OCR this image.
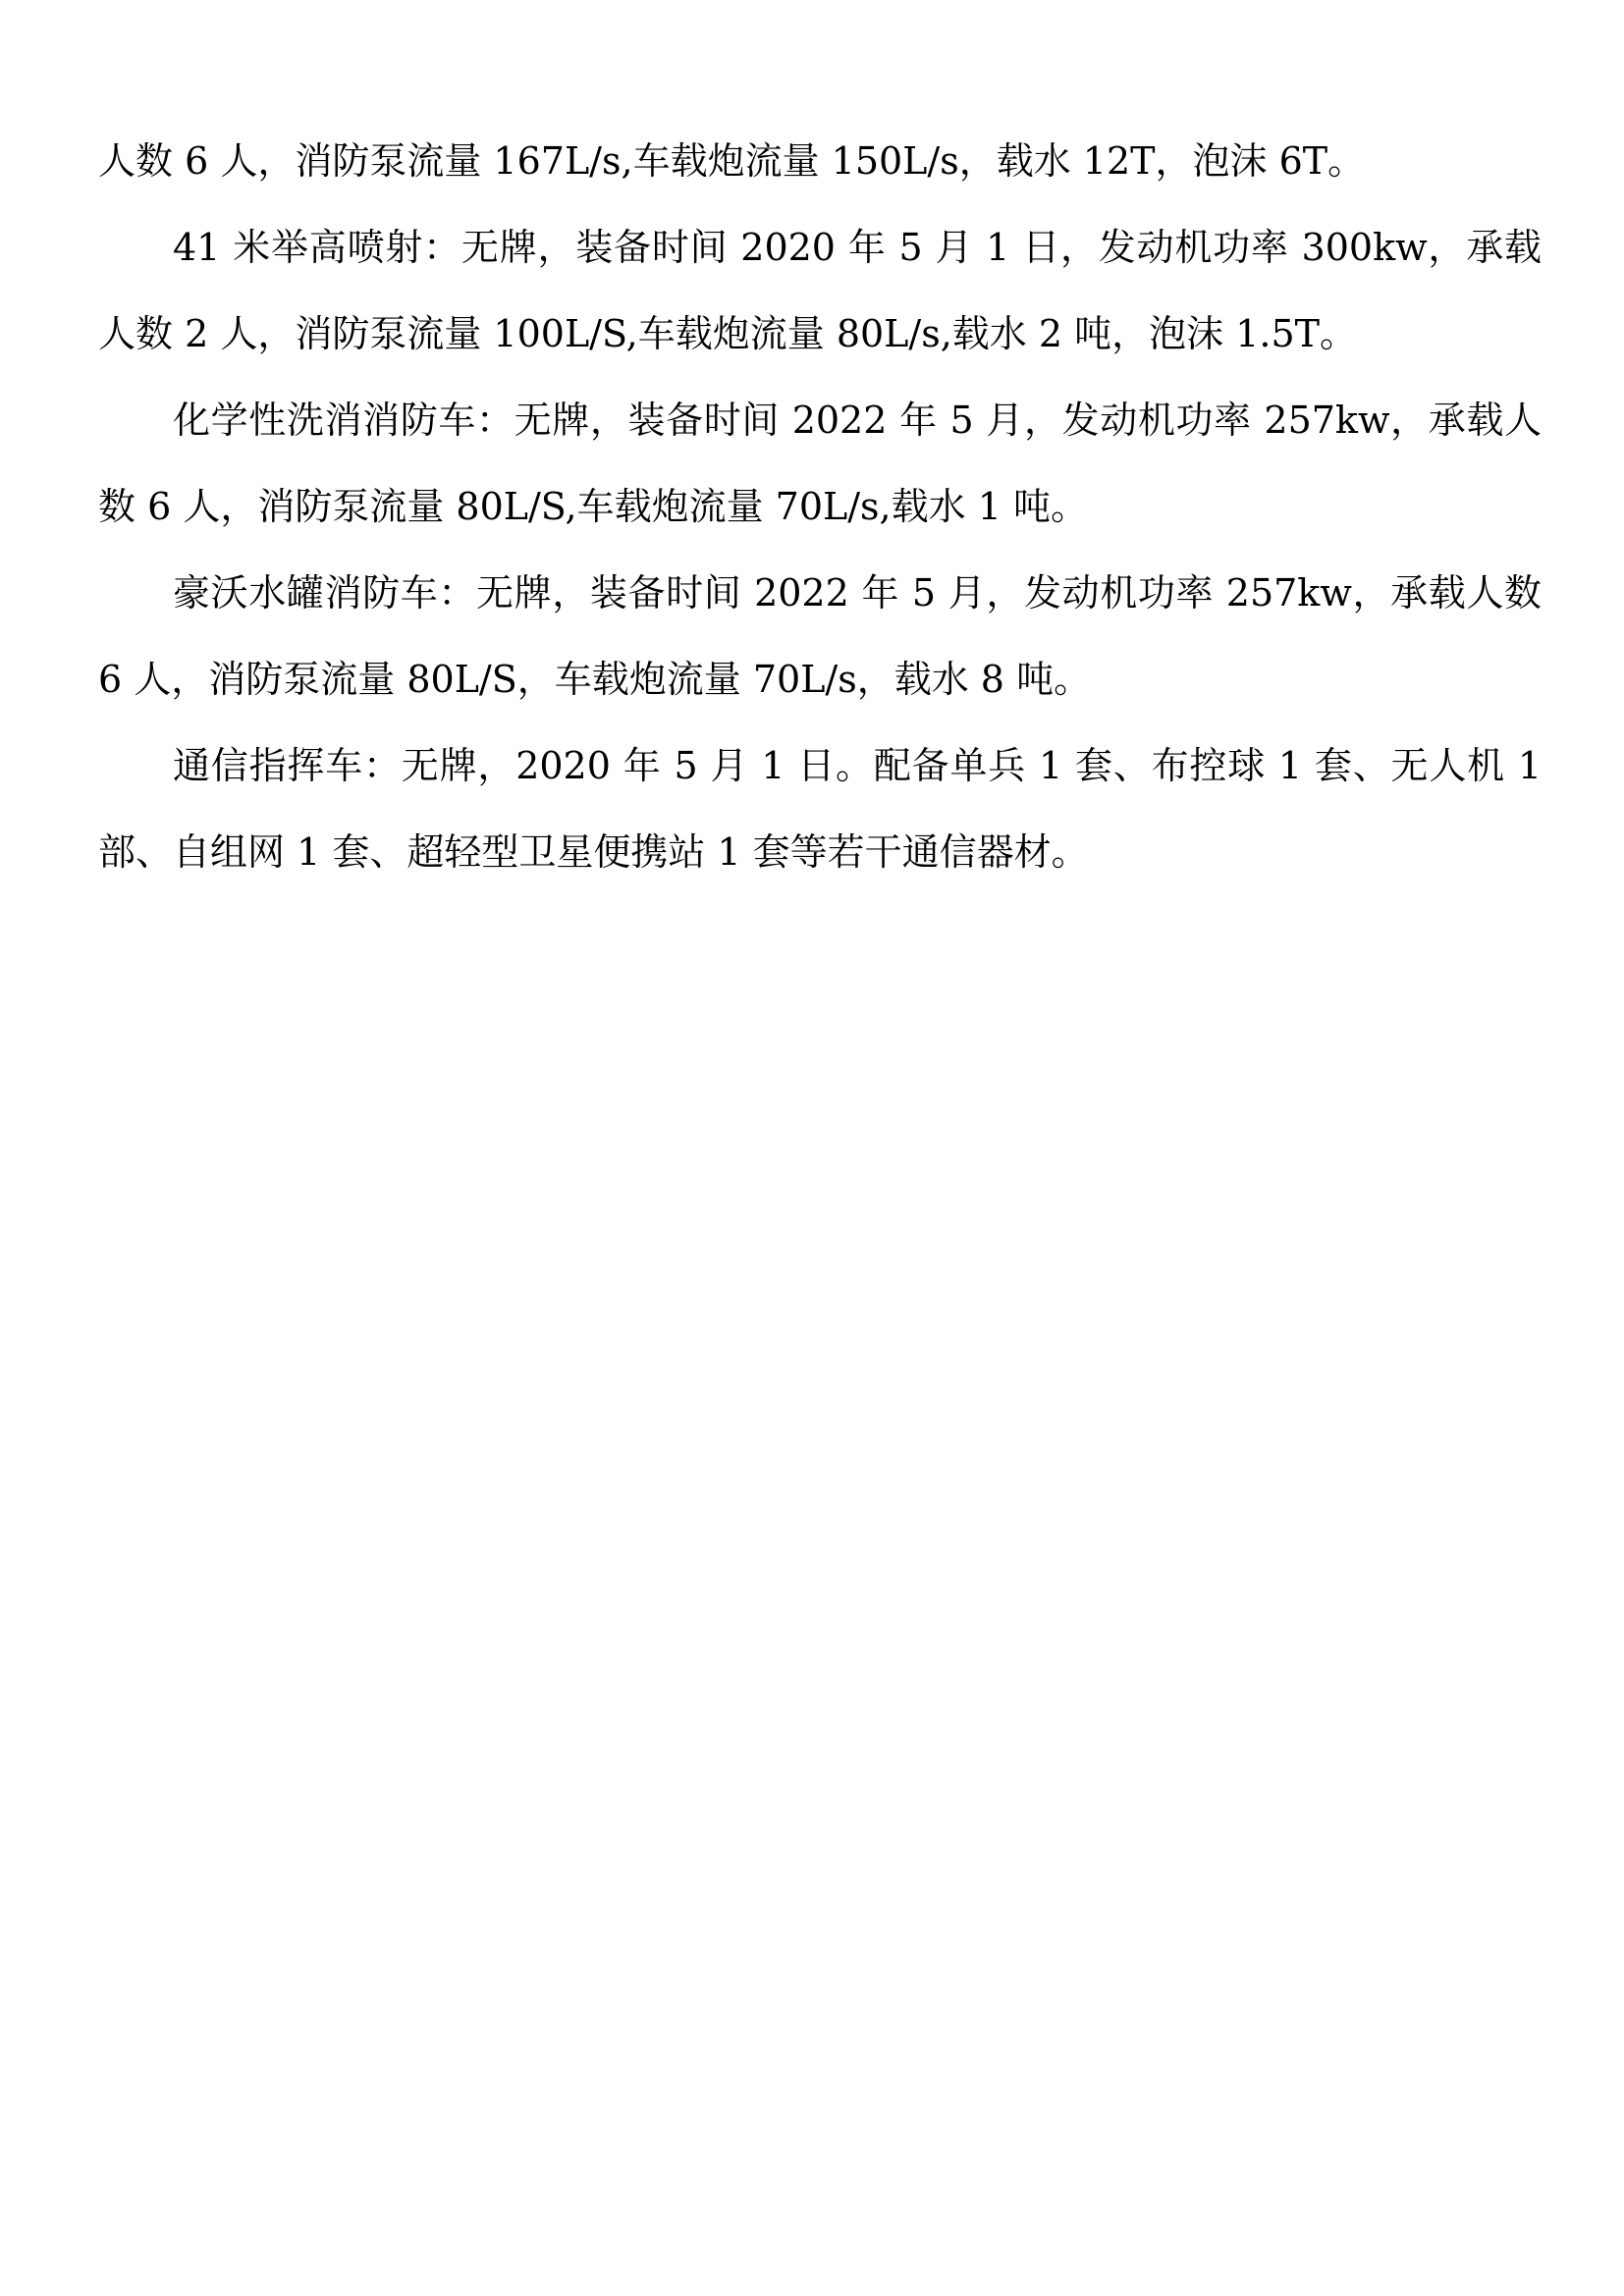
人数 6 人，消防泵流量 167L/s,车载炮流量 150L/s，载水 12T，泡沫 6T。

41 米举高喷射：无牌，装备时间 2020 年 5 月 1 日，发动机功率 300kw，承载人数 2 人，消防泵流量 100L/S,车载炮流量 80L/s,载水 2 吨，泡沫 1.5T。

化学性洗消消防车：无牌，装备时间 2022 年 5 月，发动机功率 257kw，承载人数 6 人，消防泵流量 80L/S,车载炮流量 70L/s,载水 1 吨。

豪沃水罐消防车：无牌，装备时间 2022 年 5 月，发动机功率 257kw，承载人数 6 人，消防泵流量 80L/S，车载炮流量 70L/s，载水 8 吨。

通信指挥车：无牌，2020 年 5 月 1 日。配备单兵 1 套、布控球 1 套、无人机 1 部、自组网 1 套、超轻型卫星便携站 1 套等若干通信器材。
